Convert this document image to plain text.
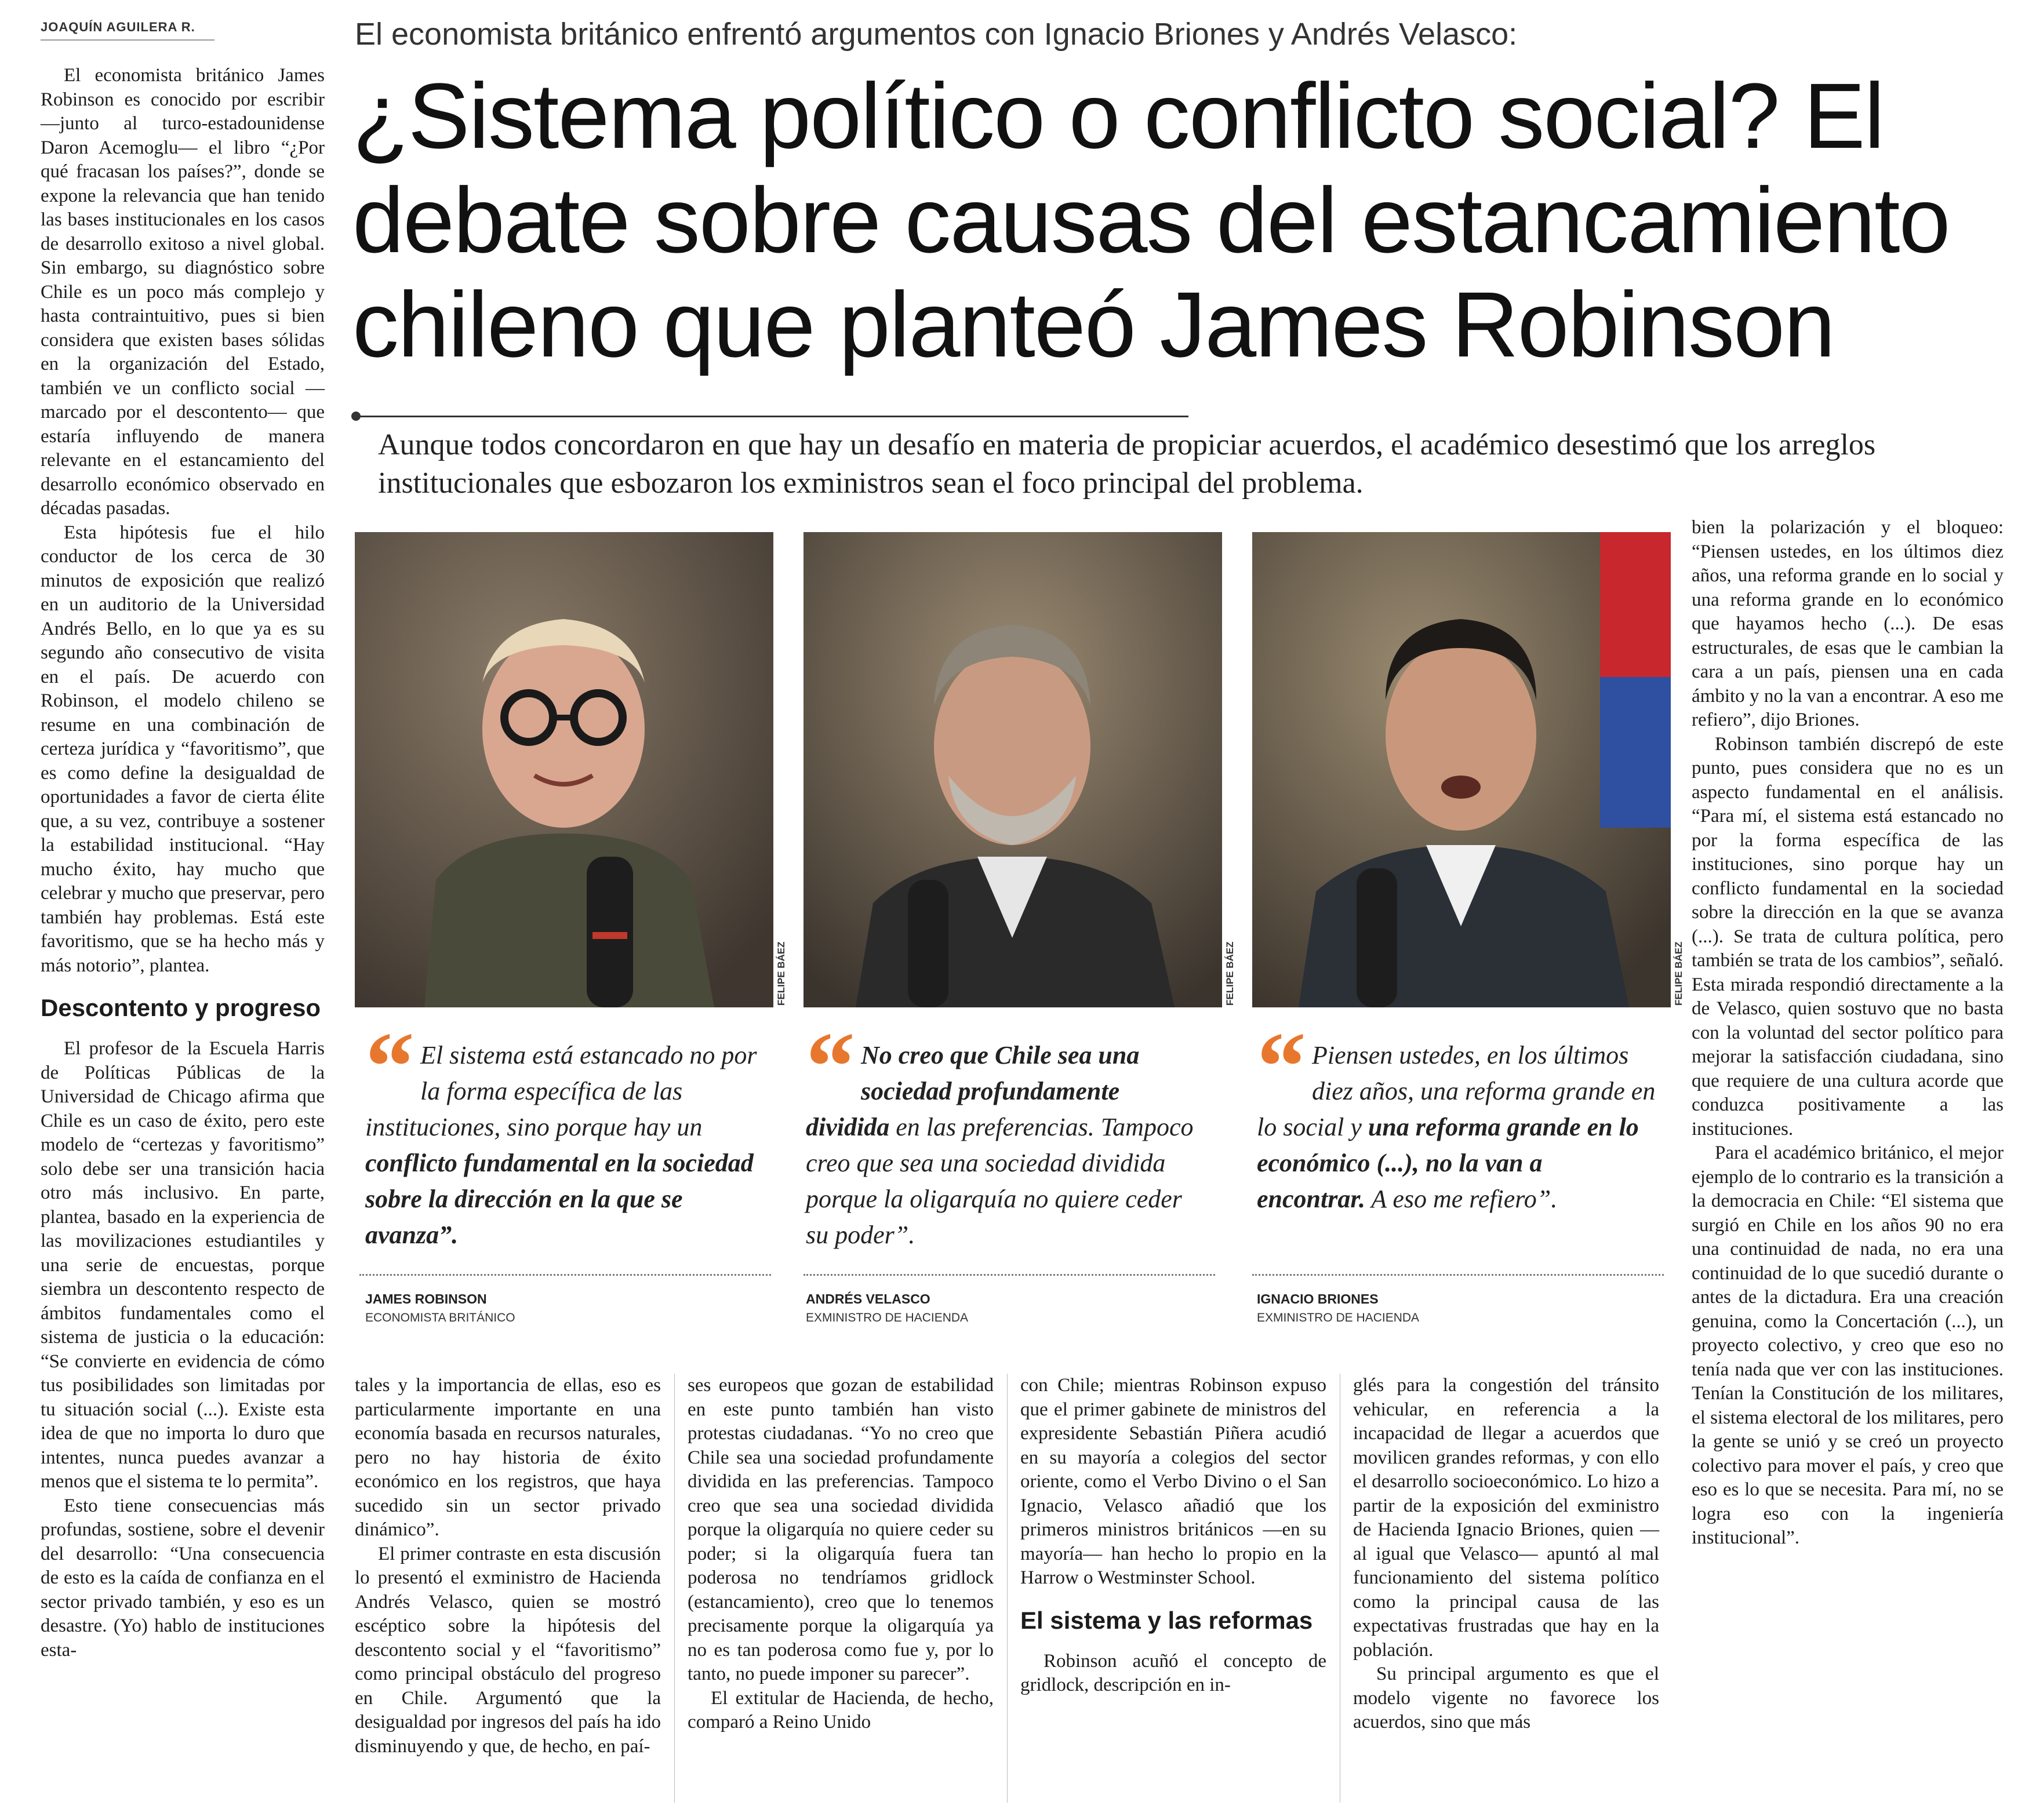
JOAQUÍN AGUILERA R.	El economista británico enfrentó argumentos con Ignacio Briones y Andrés Velasco:
¿Sistema político o conflicto social? El debate sobre causas del estancamiento chileno que planteó James Robinson
Aunque todos concordaron en que hay un desafío en materia de propiciar acuerdos, el académico desestimó que los arreglos institucionales que esbozaron los exministros sean el foco principal del problema.

El economista británico James Robinson es conocido por escribir —junto al turco-estadounidense Daron Acemoglu— el libro “¿Por qué fracasan los países?”, donde se expone la relevancia que han tenido las bases institucionales en los casos de desarrollo exitoso a nivel global. Sin embargo, su diagnóstico sobre Chile es un poco más complejo y hasta contraintuitivo, pues si bien considera que existen bases sólidas en la organización del Estado, también ve un conflicto social —marcado por el descontento— que estaría influyendo de manera relevante en el estancamiento del desarrollo económico observado en décadas pasadas.

Esta hipótesis fue el hilo conductor de los cerca de 30 minutos de exposición que realizó en un auditorio de la Universidad Andrés Bello, en lo que ya es su segundo año consecutivo de visita en el país. De acuerdo con Robinson, el modelo chileno se resume en una combinación de certeza jurídica y “favoritismo”, que es como define la desigualdad de oportunidades a favor de cierta élite que, a su vez, contribuye a sostener la estabilidad institucional. “Hay mucho éxito, hay mucho que celebrar y mucho que preservar, pero también hay problemas. Está este favoritismo, que se ha hecho más y más notorio”, plantea.

Descontento y progreso

El profesor de la Escuela Harris de Políticas Públicas de la Universidad de Chicago afirma que Chile es un caso de éxito, pero este modelo de “certezas y favoritismo” solo debe ser una transición hacia otro más inclusivo. En parte, plantea, basado en la experiencia de las movilizaciones estudiantiles y una serie de encuestas, porque siembra un descontento respecto de ámbitos fundamentales como el sistema de justicia o la educación: “Se convierte en evidencia de cómo tus posibilidades son limitadas por tu situación social (...). Existe esta idea de que no importa lo duro que intentes, nunca puedes avanzar a menos que el sistema te lo permita”.

Esto tiene consecuencias más profundas, sostiene, sobre el devenir del desarrollo: “Una consecuencia de esto es la caída de confianza en el sector privado también, y eso es un desastre. (Yo) hablo de instituciones esta-

FELIPE BÁEZ	FELIPE BÁEZ	FELIPE BÁEZ
“ El sistema está estancado no por la forma específica de las instituciones, sino porque hay un conflicto fundamental en la sociedad sobre la dirección en la que se avanza”.
JAMES ROBINSON
ECONOMISTA BRITÁNICO
“ No creo que Chile sea una sociedad profundamente dividida en las preferencias. Tampoco creo que sea una sociedad dividida porque la oligarquía no quiere ceder su poder”.
ANDRÉS VELASCO
EXMINISTRO DE HACIENDA
“ Piensen ustedes, en los últimos diez años, una reforma grande en lo social y una reforma grande en lo económico (...), no la van a encontrar. A eso me refiero”.
IGNACIO BRIONES
EXMINISTRO DE HACIENDA

tales y la importancia de ellas, eso es particularmente importante en una economía basada en recursos naturales, pero no hay historia de éxito económico en los registros, que haya sucedido sin un sector privado dinámico”.

El primer contraste en esta discusión lo presentó el exministro de Hacienda Andrés Velasco, quien se mostró escéptico sobre la hipótesis del descontento social y el “favoritismo” como principal obstáculo del progreso en Chile. Argumentó que la desigualdad por ingresos del país ha ido disminuyendo y que, de hecho, en paí-

ses europeos que gozan de estabilidad en este punto también han visto protestas ciudadanas. “Yo no creo que Chile sea una sociedad profundamente dividida en las preferencias. Tampoco creo que sea una sociedad dividida porque la oligarquía no quiere ceder su poder; si la oligarquía fuera tan poderosa no tendríamos gridlock (estancamiento), creo que lo tenemos precisamente porque la oligarquía ya no es tan poderosa como fue y, por lo tanto, no puede imponer su parecer”.

El extitular de Hacienda, de hecho, comparó a Reino Unido

con Chile; mientras Robinson expuso que el primer gabinete de ministros del expresidente Sebastián Piñera acudió en su mayoría a colegios del sector oriente, como el Verbo Divino o el San Ignacio, Velasco añadió que los primeros ministros británicos —en su mayoría— han hecho lo propio en la Harrow o Westminster School.

El sistema y las reformas

Robinson acuñó el concepto de gridlock, descripción en in-

glés para la congestión del tránsito vehicular, en referencia a la incapacidad de llegar a acuerdos que movilicen grandes reformas, y con ello el desarrollo socioeconómico. Lo hizo a partir de la exposición del exministro de Hacienda Ignacio Briones, quien —al igual que Velasco— apuntó al mal funcionamiento del sistema político como la principal causa de las expectativas frustradas que hay en la población.

Su principal argumento es que el modelo vigente no favorece los acuerdos, sino que más

bien la polarización y el bloqueo: “Piensen ustedes, en los últimos diez años, una reforma grande en lo social y una reforma grande en lo económico que hayamos hecho (...). De esas estructurales, de esas que le cambian la cara a un país, piensen una en cada ámbito y no la van a encontrar. A eso me refiero”, dijo Briones.

Robinson también discrepó de este punto, pues considera que no es un aspecto fundamental en el análisis. “Para mí, el sistema está estancado no por la forma específica de las instituciones, sino porque hay un conflicto fundamental en la sociedad sobre la dirección en la que se avanza (...). Se trata de cultura política, pero también se trata de los cambios”, señaló. Esta mirada respondió directamente a la de Velasco, quien sostuvo que no basta con la voluntad del sector político para mejorar la satisfacción ciudadana, sino que requiere de una cultura acorde que conduzca positivamente a las instituciones.

Para el académico británico, el mejor ejemplo de lo contrario es la transición a la democracia en Chile: “El sistema que surgió en Chile en los años 90 no era una continuidad de nada, no era una continuidad de lo que sucedió durante o antes de la dictadura. Era una creación genuina, como la Concertación (...), un proyecto colectivo, y creo que eso no tenía nada que ver con las instituciones. Tenían la Constitución de los militares, el sistema electoral de los militares, pero la gente se unió y se creó un proyecto colectivo para mover el país, y creo que eso es lo que se necesita. Para mí, no se logra eso con la ingeniería institucional”.
